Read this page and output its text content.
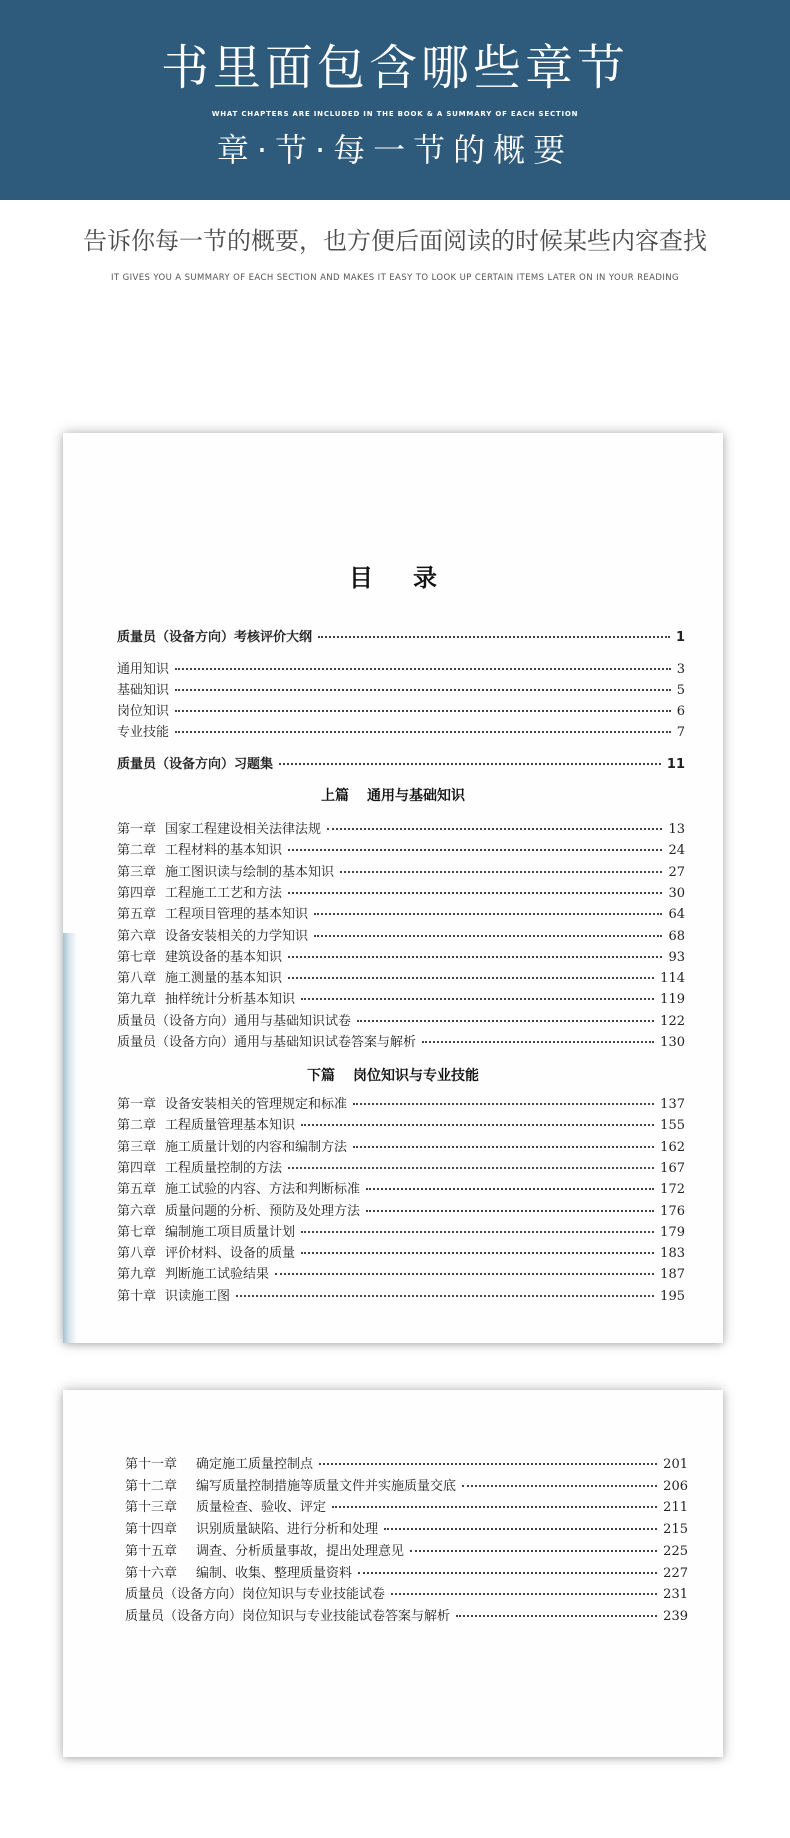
书里面包含哪些章节
WHAT CHAPTERS ARE INCLUDED IN THE BOOK & A SUMMARY OF EACH SECTION
章·节·每一节的概要
告诉你每一节的概要，也方便后面阅读的时候某些内容查找
IT GIVES YOU A SUMMARY OF EACH SECTION AND MAKES IT EASY TO LOOK UP CERTAIN ITEMS LATER ON IN YOUR READING
目录
质量员（设备方向）考核评价大纲	1
通用知识	3
基础知识	5
岗位知识	6
专业技能	7
质量员（设备方向）习题集	11
上篇 通用与基础知识
第一章 国家工程建设相关法律法规	13
第二章 工程材料的基本知识	24
第三章 施工图识读与绘制的基本知识	27
第四章 工程施工工艺和方法	30
第五章 工程项目管理的基本知识	64
第六章 设备安装相关的力学知识	68
第七章 建筑设备的基本知识	93
第八章 施工测量的基本知识	114
第九章 抽样统计分析基本知识	119
质量员（设备方向）通用与基础知识试卷	122
质量员（设备方向）通用与基础知识试卷答案与解析	130
下篇 岗位知识与专业技能
第一章 设备安装相关的管理规定和标准	137
第二章 工程质量管理基本知识	155
第三章 施工质量计划的内容和编制方法	162
第四章 工程质量控制的方法	167
第五章 施工试验的内容、方法和判断标准	172
第六章 质量问题的分析、预防及处理方法	176
第七章 编制施工项目质量计划	179
第八章 评价材料、设备的质量	183
第九章 判断施工试验结果	187
第十章 识读施工图	195
第十一章	确定施工质量控制点	201
第十二章	编写质量控制措施等质量文件并实施质量交底	206
第十三章	质量检查、验收、评定	211
第十四章	识别质量缺陷、进行分析和处理	215
第十五章	调查、分析质量事故，提出处理意见	225
第十六章	编制、收集、整理质量资料	227
质量员（设备方向）岗位知识与专业技能试卷	231
质量员（设备方向）岗位知识与专业技能试卷答案与解析	239
